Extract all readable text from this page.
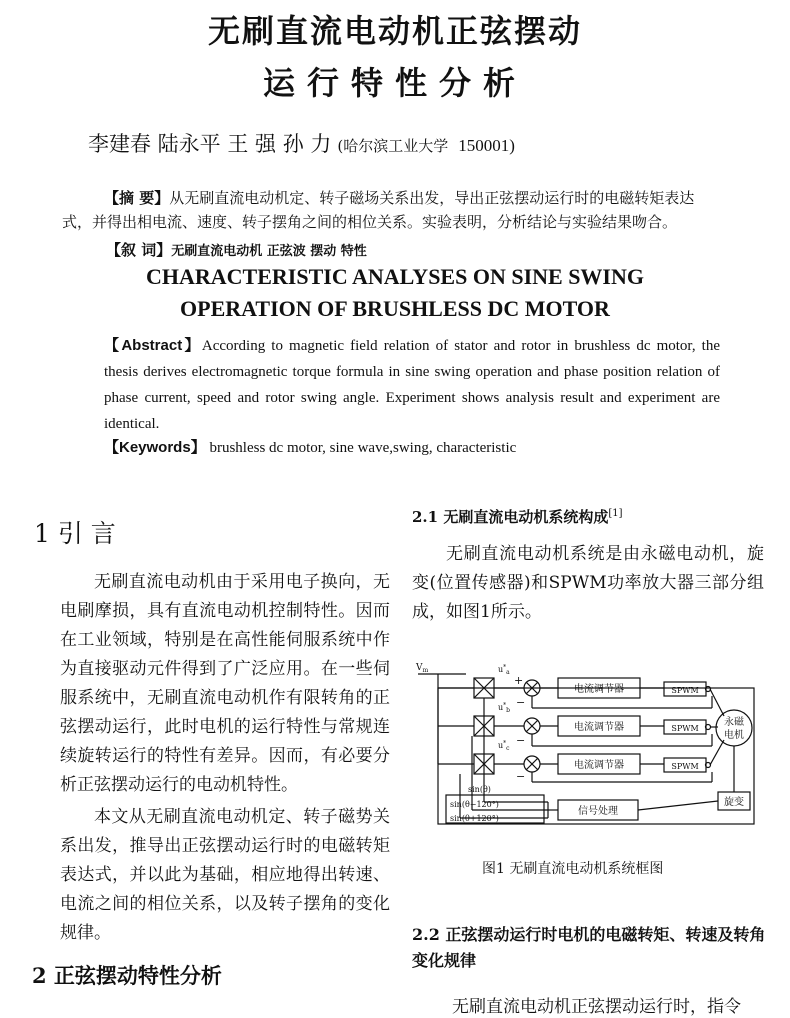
无刷直流电动机正弦摆动
运行特性分析
李建春 陆永平 王 强 孙 力 (哈尔滨工业大学 150001)
【摘 要】从无刷直流电动机定、转子磁场关系出发，导出正弦摆动运行时的电磁转矩表达
式，并得出相电流、速度、转子摆角之间的相位关系。实验表明，分析结论与实验结果吻合。
【叙 词】无刷直流电动机 正弦波 摆动 特性
CHARACTERISTIC ANALYSES ON SINE SWING
OPERATION OF BRUSHLESS DC MOTOR
【Abstract】According to magnetic field relation of stator and rotor in brushless dc motor, the thesis derives electromagnetic torque formula in sine swing operation and phase position relation of phase current, speed and rotor swing angle. Experiment shows analysis result and experiment are identical.
【Keywords】 brushless dc motor, sine wave,swing, characteristic
1 引 言

无刷直流电动机由于采用电子换向，无电刷摩损，具有直流电动机控制特性。因而在工业领域，特别是在高性能伺服系统中作为直接驱动元件得到了广泛应用。在一些伺服系统中，无刷直流电动机作有限转角的正弦摆动运行，此时电机的运行特性与常规连续旋转运行的特性有差异。因而，有必要分析正弦摆动运行的电动机特性。

本文从无刷直流电动机定、转子磁势关系出发，推导出正弦摆动运行时的电磁转矩表达式，并以此为基础，相应地得出转速、电流之间的相位关系，以及转子摆角的变化规律。

2 正弦摆动特性分析
2.1 无刷直流电动机系统构成[1]

无刷直流电动机系统是由永磁电动机，旋变(位置传感器)和SPWM功率放大器三部分组成，如图1所示。

$V_m$	$u^*_a$
$u^*_b$
$u^*_c$
+
−
−
−
电流调节器
电流调节器
电流调节器
SPWM
SPWM
SPWM
永磁
电机
旋变
信号处理
sin(θ)
sin(θ−120°)
sin(θ+120°)
图1 无刷直流电动机系统框图
2.2 正弦摆动运行时电机的电磁转矩、转速及转角变化规律
无刷直流电动机正弦摆动运行时，指令
